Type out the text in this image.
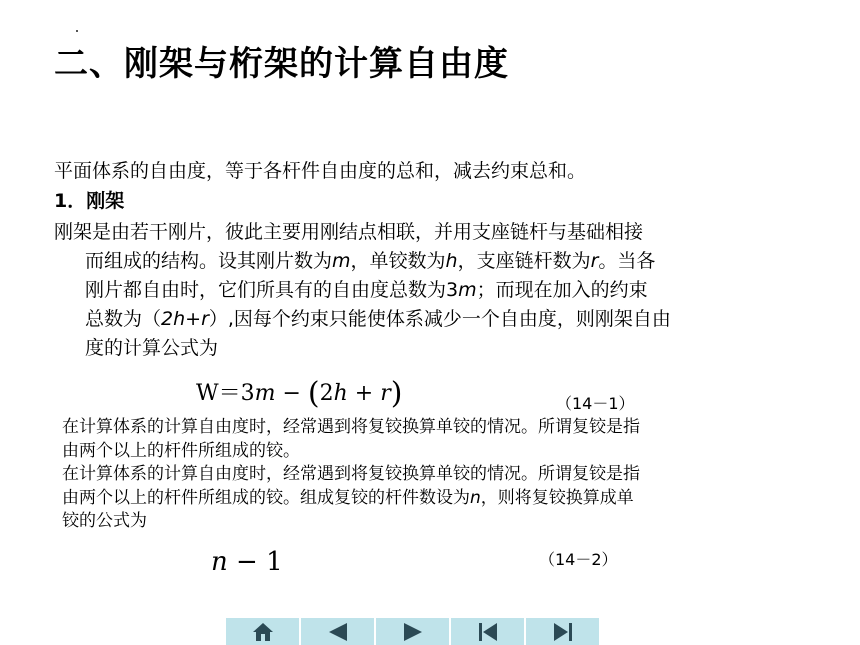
二、刚架与桁架的计算自由度
平面体系的自由度，等于各杆件自由度的总和，减去约束总和。
1．刚架
刚架是由若干刚片，彼此主要用刚结点相联，并用支座链杆与基础相接
而组成的结构。设其刚片数为m，单铰数为h，支座链杆数为r。当各
刚片都自由时，它们所具有的自由度总数为3m；而现在加入的约束
总数为（2h+r）,因每个约束只能使体系减少一个自由度，则刚架自由
度的计算公式为
W＝3m − (2h + r)	（14－1）
在计算体系的计算自由度时，经常遇到将复铰换算单铰的情况。所谓复铰是指
由两个以上的杆件所组成的铰。
在计算体系的计算自由度时，经常遇到将复铰换算单铰的情况。所谓复铰是指
由两个以上的杆件所组成的铰。组成复铰的杆件数设为n，则将复铰换算成单
铰的公式为
n − 1	（14－2）
